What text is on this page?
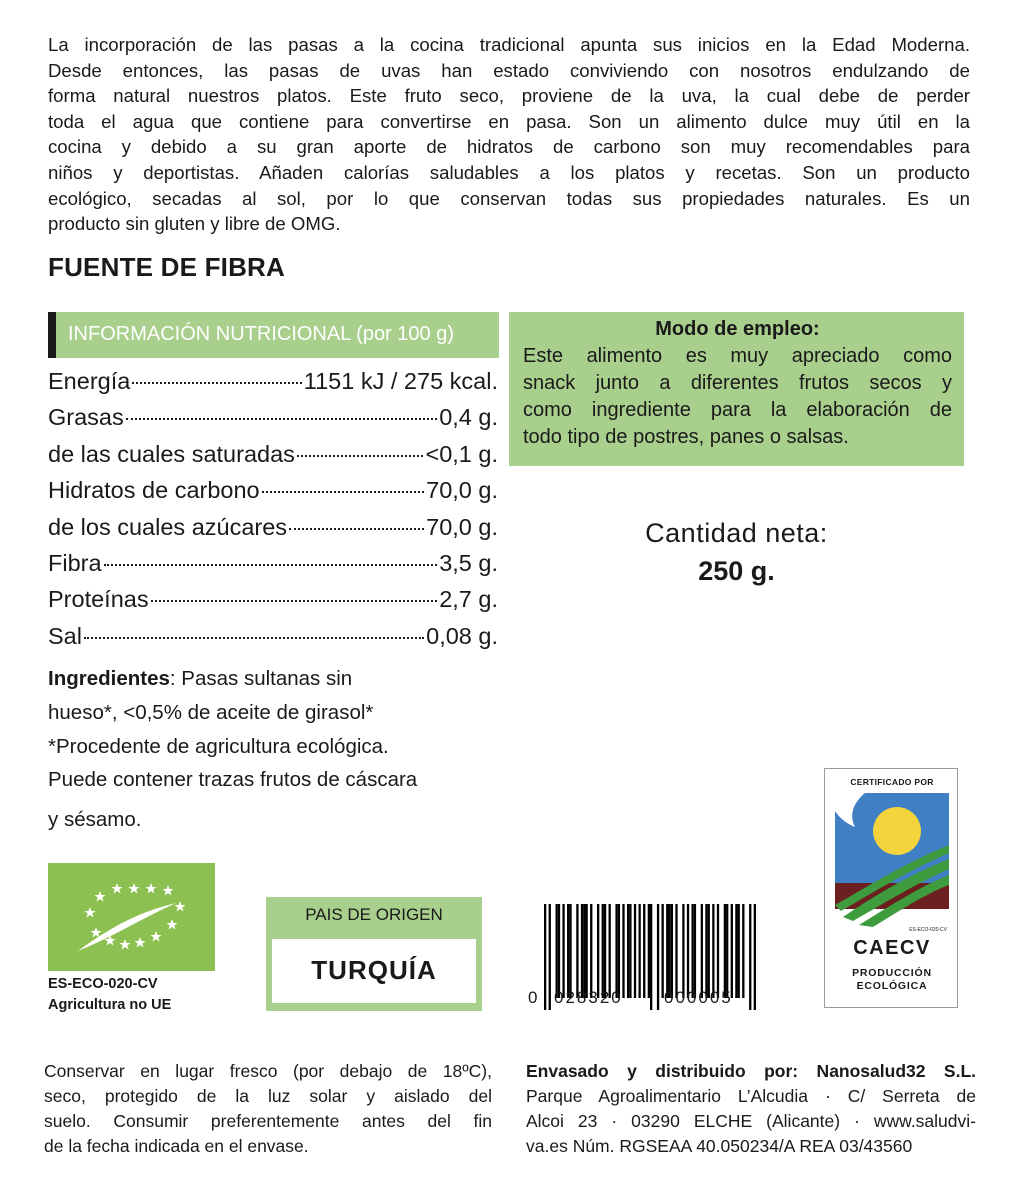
La incorporación de las pasas a la cocina tradicional apunta sus inicios en la Edad Moderna.
Desde entonces, las pasas de uvas han estado conviviendo con nosotros endulzando de
forma natural nuestros platos. Este fruto seco, proviene de la uva, la cual debe de perder
toda el agua que contiene para convertirse en pasa. Son un alimento dulce muy útil en la
cocina y debido a su gran aporte de hidratos de carbono son muy recomendables para
niños y deportistas. Añaden calorías saludables a los platos y recetas. Son un producto
ecológico, secadas al sol, por lo que conservan todas sus propiedades naturales. Es un
producto sin gluten y libre de OMG.
FUENTE DE FIBRA
INFORMACIÓN NUTRICIONAL (por 100 g)
Energía	1151 kJ / 275 kcal.
Grasas	0,4 g.
de las cuales saturadas	<0,1 g.
Hidratos de carbono	70,0 g.
de los cuales azúcares	70,0 g.
Fibra	3,5 g.
Proteínas	2,7 g.
Sal	0,08 g.
Modo de empleo:
Este alimento es muy apreciado como
snack junto a diferentes frutos secos y
como ingrediente para la elaboración de
todo tipo de postres, panes o salsas.
Cantidad neta:
250 g.
Ingredientes: Pasas sultanas sin
hueso*, <0,5% de aceite de girasol*
*Procedente de agricultura ecológica.
Puede contener trazas frutos de cáscara
y sésamo.
ES-ECO-020-CV
Agricultura no UE
PAIS DE ORIGEN
TURQUÍA
0 028320 000005
CERTIFICADO POR
ES-ECO-020-CV
CAECV
PRODUCCIÓN
ECOLÓGICA
Conservar en lugar fresco (por debajo de 18ºC),
seco, protegido de la luz solar y aislado del
suelo. Consumir preferentemente antes del fin
de la fecha indicada en el envase.
Envasado y distribuido por: Nanosalud32 S.L.
Parque Agroalimentario L’Alcudia · C/ Serreta de
Alcoi 23 · 03290 ELCHE (Alicante) · www.saludvi-
va.es Núm. RGSEAA 40.050234/A REA 03/43560
